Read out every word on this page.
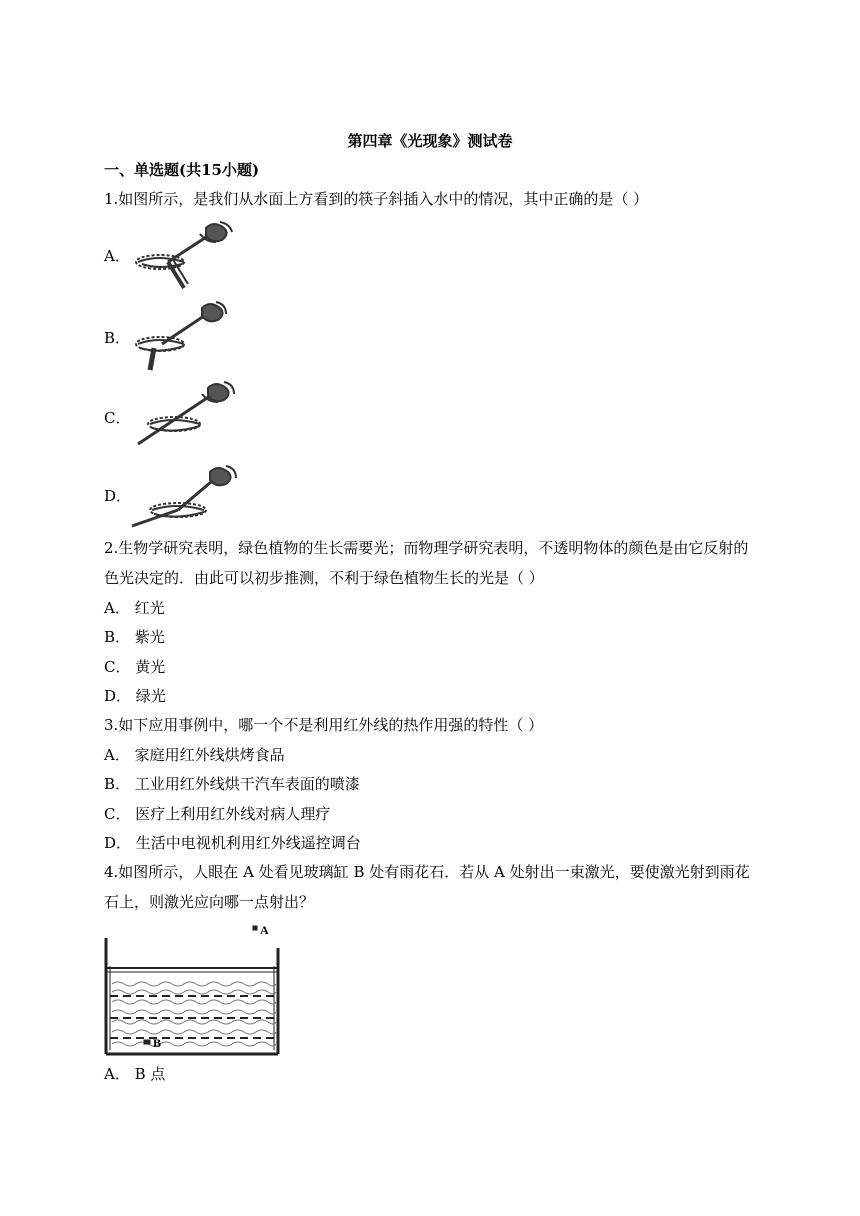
第四章《光现象》测试卷
一、单选题(共15小题)
1.如图所示，是我们从水面上方看到的筷子斜插入水中的情况，其中正确的是（ ）
A．
B．
C．
D．
2.生物学研究表明，绿色植物的生长需要光；而物理学研究表明，不透明物体的颜色是由它反射的
色光决定的．由此可以初步推测，不利于绿色植物生长的光是（ ）
A． 红光
B． 紫光
C． 黄光
D． 绿光
3.如下应用事例中，哪一个不是利用红外线的热作用强的特性（ ）
A． 家庭用红外线烘烤食品
B． 工业用红外线烘干汽车表面的喷漆
C． 医疗上利用红外线对病人理疗
D． 生活中电视机利用红外线遥控调台
4.如图所示，人眼在 A 处看见玻璃缸 B 处有雨花石．若从 A 处射出一束激光，要使激光射到雨花
石上，则激光应向哪一点射出？
A
B
A． B 点
